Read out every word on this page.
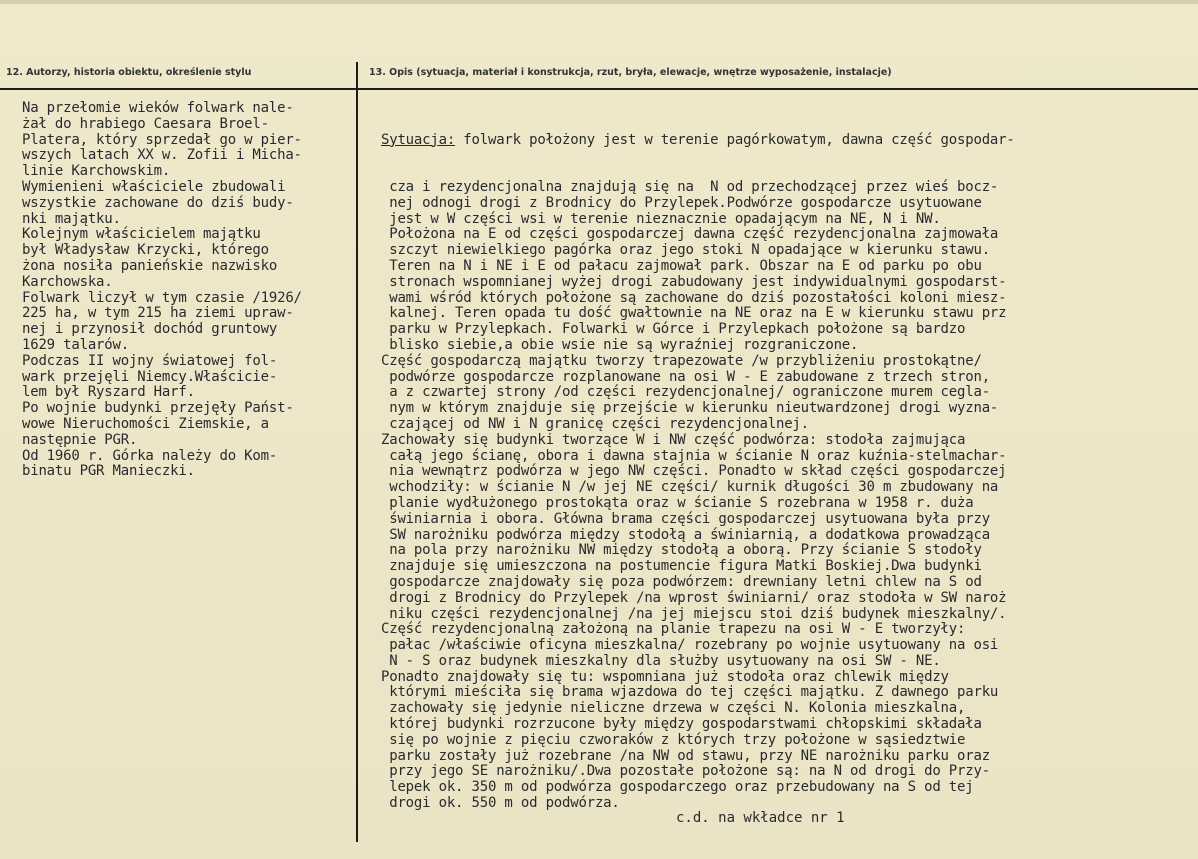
12. Autorzy, historia obiektu, określenie stylu	13. Opis (sytuacja, materiał i konstrukcja, rzut, bryła, elewacje, wnętrze wyposażenie, instalacje)
Na przełomie wieków folwark nale-
żał do hrabiego Caesara Broel-
Platera, który sprzedał go w pier-
wszych latach XX w. Zofii i Micha-
linie Karchowskim.
Wymienieni właściciele zbudowali
wszystkie zachowane do dziś budy-
nki majątku.
Kolejnym właścicielem majątku
był Władysław Krzycki, którego
żona nosiła panieńskie nazwisko
Karchowska.
Folwark liczył w tym czasie /1926/
225 ha, w tym 215 ha ziemi upraw-
nej i przynosił dochód gruntowy
1629 talarów.
Podczas II wojny światowej fol-
wark przejęli Niemcy.Właścicie-
lem był Ryszard Harf.
Po wojnie budynki przejęły Państ-
wowe Nieruchomości Ziemskie, a
następnie PGR.
Od 1960 r. Górka należy do Kom-
binatu PGR Manieczki.

Sytuacja: folwark położony jest w terenie pagórkowatym, dawna część gospodar-

cza i rezydencjonalna znajdują się na  N od przechodzącej przez wieś bocz-
nej odnogi drogi z Brodnicy do Przylepek.Podwórze gospodarcze usytuowane
jest w W części wsi w terenie nieznacznie opadającym na NE, N i NW.
Położona na E od części gospodarczej dawna część rezydencjonalna zajmowała
szczyt niewielkiego pagórka oraz jego stoki N opadające w kierunku stawu.
Teren na N i NE i E od pałacu zajmował park. Obszar na E od parku po obu
stronach wspomnianej wyżej drogi zabudowany jest indywidualnymi gospodarst-
wami wśród których położone są zachowane do dziś pozostałości koloni miesz-
kalnej. Teren opada tu dość gwałtownie na NE oraz na E w kierunku stawu prz
parku w Przylepkach. Folwarki w Górce i Przylepkach położone są bardzo
blisko siebie,a obie wsie nie są wyraźniej rozgraniczone.
Część gospodarczą majątku tworzy trapezowate /w przybliżeniu prostokątne/
podwórze gospodarcze rozplanowane na osi W - E zabudowane z trzech stron,
a z czwartej strony /od części rezydencjonalnej/ ograniczone murem cegla-
nym w którym znajduje się przejście w kierunku nieutwardzonej drogi wyzna-
czającej od NW i N granicę części rezydencjonalnej.
Zachowały się budynki tworzące W i NW część podwórza: stodoła zajmująca
całą jego ścianę, obora i dawna stajnia w ścianie N oraz kuźnia-stelmachar-
nia wewnątrz podwórza w jego NW części. Ponadto w skład części gospodarczej
wchodziły: w ścianie N /w jej NE części/ kurnik długości 30 m zbudowany na
planie wydłużonego prostokąta oraz w ścianie S rozebrana w 1958 r. duża
świniarnia i obora. Główna brama części gospodarczej usytuowana była przy
SW narożniku podwórza między stodołą a świniarnią, a dodatkowa prowadząca
na pola przy narożniku NW między stodołą a oborą. Przy ścianie S stodoły
znajduje się umieszczona na postumencie figura Matki Boskiej.Dwa budynki
gospodarcze znajdowały się poza podwórzem: drewniany letni chlew na S od
drogi z Brodnicy do Przylepek /na wprost świniarni/ oraz stodoła w SW naroż
niku części rezydencjonalnej /na jej miejscu stoi dziś budynek mieszkalny/.
Część rezydencjonalną założoną na planie trapezu na osi W - E tworzyły:
pałac /właściwie oficyna mieszkalna/ rozebrany po wojnie usytuowany na osi
N - S oraz budynek mieszkalny dla służby usytuowany na osi SW - NE.
Ponadto znajdowały się tu: wspomniana już stodoła oraz chlewik między
którymi mieściła się brama wjazdowa do tej części majątku. Z dawnego parku
zachowały się jedynie nieliczne drzewa w części N. Kolonia mieszkalna,
której budynki rozrzucone były między gospodarstwami chłopskimi składała
się po wojnie z pięciu czworaków z których trzy położone w sąsiedztwie
parku zostały już rozebrane /na NW od stawu, przy NE narożniku parku oraz
przy jego SE narożniku/.Dwa pozostałe położone są: na N od drogi do Przy-
lepek ok. 350 m od podwórza gospodarczego oraz przebudowany na S od tej
drogi ok. 550 m od podwórza.
c.d. na wkładce nr 1
